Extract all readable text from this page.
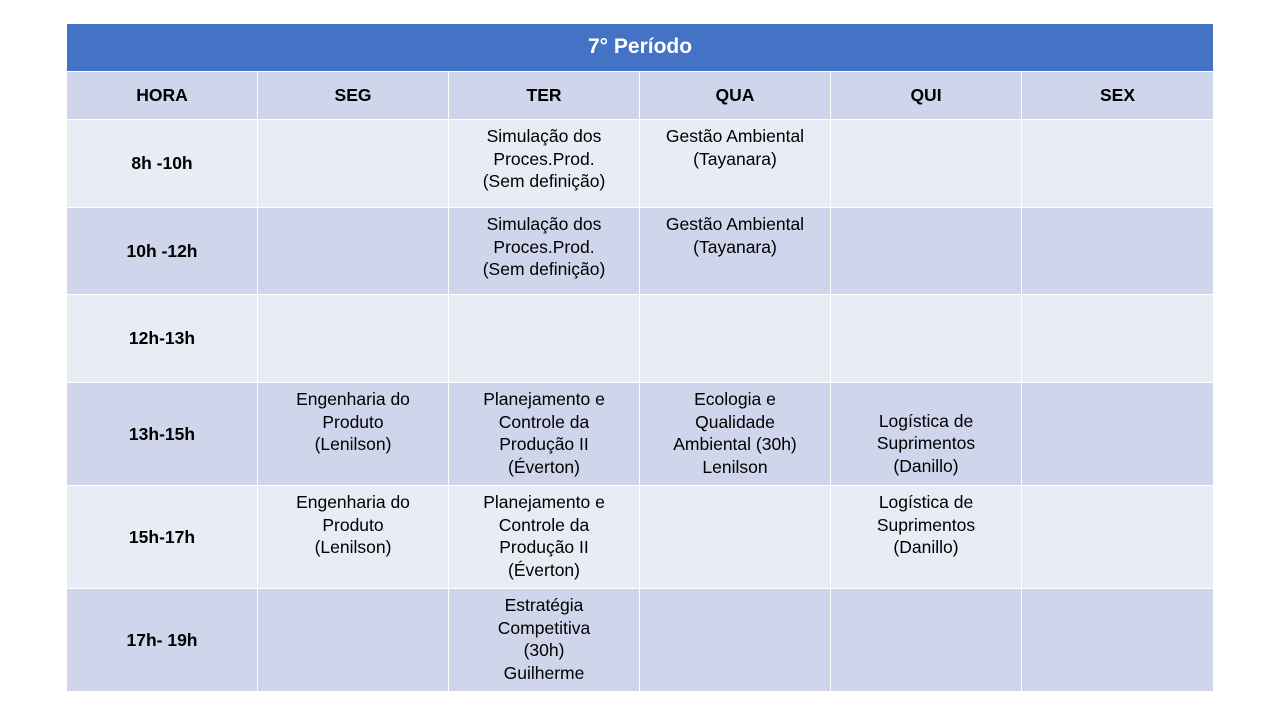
7° Período					
HORA	SEG	TER	QUA	QUI	SEX
8h -10h		Simulação dos
Proces.Prod.
(Sem definição)	Gestão Ambiental
(Tayanara)		

10h -12h		Simulação dos
Proces.Prod.
(Sem definição)	Gestão Ambiental
(Tayanara)		

12h-13h	

13h-15h	Engenharia do
Produto
(Lenilson)	Planejamento e
Controle da
Produção II
(Éverton)	Ecologia e
Qualidade
Ambiental (30h)
Lenilson	Logística de
Suprimentos
(Danillo)	

15h-17h	Engenharia do
Produto
(Lenilson)	Planejamento e
Controle da
Produção II
(Éverton)		Logística de
Suprimentos
(Danillo)	

17h- 19h		Estratégia
Competitiva
(30h)
Guilherme			
